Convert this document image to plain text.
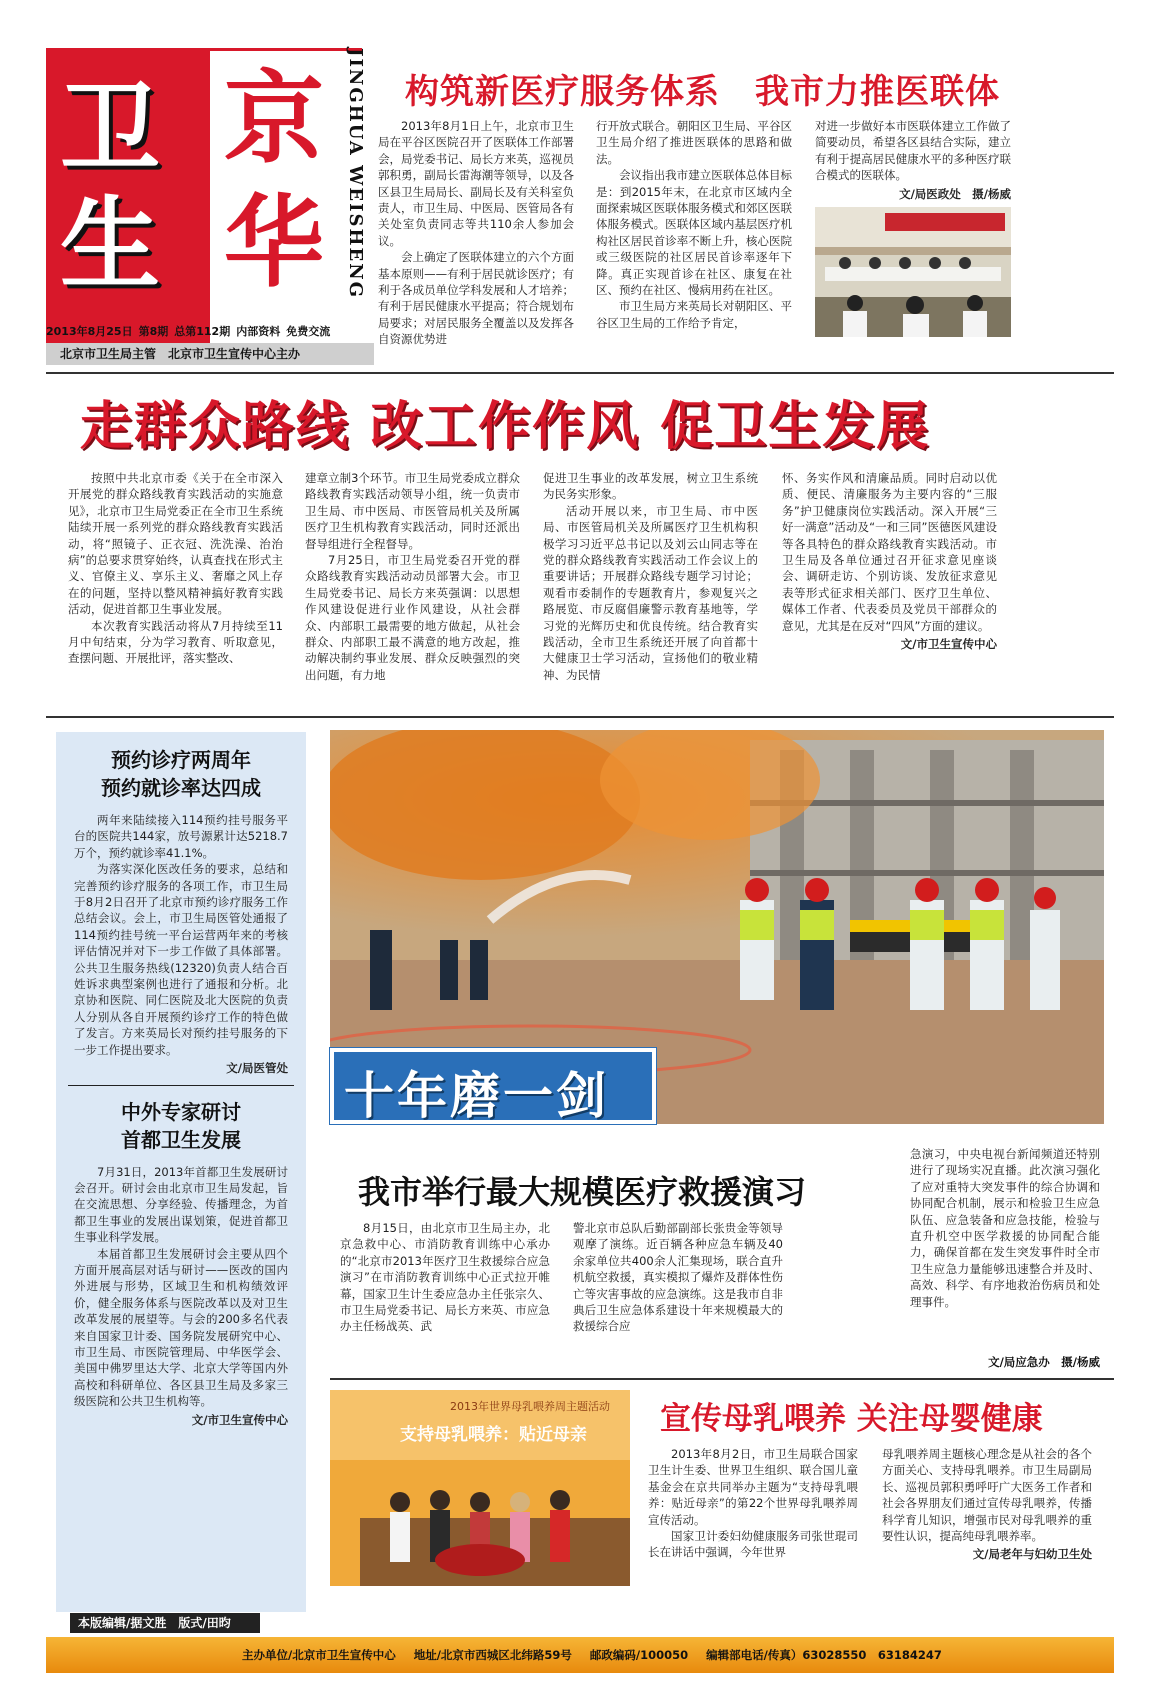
卫
生
京
华 JINGHUA WEISHENG
2013年8月25日 第8期 总第112期 内部资料 免费交流
北京市卫生局主管　北京市卫生宣传中心主办
构筑新医疗服务体系　我市力推医联体

2013年8月1日上午，北京市卫生局在平谷区医院召开了医联体工作部署会，局党委书记、局长方来英，巡视员郭积勇，副局长雷海潮等领导，以及各区县卫生局局长、副局长及有关科室负责人，市卫生局、中医局、医管局各有关处室负责同志等共110余人参加会议。

会上确定了医联体建立的六个方面基本原则——有利于居民就诊医疗；有利于各成员单位学科发展和人才培养；有利于居民健康水平提高；符合规划布局要求；对居民服务全覆盖以及发挥各自资源优势进

行开放式联合。朝阳区卫生局、平谷区卫生局介绍了推进医联体的思路和做法。

会议指出我市建立医联体总体目标是：到2015年末，在北京市区域内全面探索城区医联体服务模式和郊区医联体服务模式。医联体区域内基层医疗机构社区居民首诊率不断上升，核心医院或三级医院的社区居民首诊率逐年下降。真正实现首诊在社区、康复在社区、预约在社区、慢病用药在社区。

市卫生局方来英局长对朝阳区、平谷区卫生局的工作给予肯定，

对进一步做好本市医联体建立工作做了简要动员，希望各区县结合实际，建立有利于提高居民健康水平的多种医疗联合模式的医联体。

文/局医政处　摄/杨威
走群众路线 改工作作风 促卫生发展

按照中共北京市委《关于在全市深入开展党的群众路线教育实践活动的实施意见》，北京市卫生局党委正在全市卫生系统陆续开展一系列党的群众路线教育实践活动，将“照镜子、正衣冠、洗洗澡、治治病”的总要求贯穿始终，认真查找在形式主义、官僚主义、享乐主义、奢靡之风上存在的问题，坚持以整风精神搞好教育实践活动，促进首都卫生事业发展。

本次教育实践活动将从7月持续至11月中旬结束，分为学习教育、听取意见，查摆问题、开展批评，落实整改、

建章立制3个环节。市卫生局党委成立群众路线教育实践活动领导小组，统一负责市卫生局、市中医局、市医管局机关及所属医疗卫生机构教育实践活动，同时还派出督导组进行全程督导。

7月25日，市卫生局党委召开党的群众路线教育实践活动动员部署大会。市卫生局党委书记、局长方来英强调：以思想作风建设促进行业作风建设，从社会群众、内部职工最需要的地方做起，从社会群众、内部职工最不满意的地方改起，推动解决制约事业发展、群众反映强烈的突出问题，有力地

促进卫生事业的改革发展，树立卫生系统为民务实形象。

活动开展以来，市卫生局、市中医局、市医管局机关及所属医疗卫生机构积极学习习近平总书记以及刘云山同志等在党的群众路线教育实践活动工作会议上的重要讲话；开展群众路线专题学习讨论；观看市委制作的专题教育片，参观复兴之路展览、市反腐倡廉警示教育基地等，学习党的光辉历史和优良传统。结合教育实践活动，全市卫生系统还开展了向首都十大健康卫士学习活动，宣扬他们的敬业精神、为民情

怀、务实作风和清廉品质。同时启动以优质、便民、清廉服务为主要内容的“三服务”护卫健康岗位实践活动。深入开展“三好一满意”活动及“一和三同”医德医风建设等各具特色的群众路线教育实践活动。市卫生局及各单位通过召开征求意见座谈会、调研走访、个别访谈、发放征求意见表等形式征求相关部门、医疗卫生单位、媒体工作者、代表委员及党员干部群众的意见，尤其是在反对“四风”方面的建议。

文/市卫生宣传中心
预约诊疗两周年
预约就诊率达四成

两年来陆续接入114预约挂号服务平台的医院共144家，放号源累计达5218.7万个，预约就诊率41.1%。

为落实深化医改任务的要求，总结和完善预约诊疗服务的各项工作，市卫生局于8月2日召开了北京市预约诊疗服务工作总结会议。会上，市卫生局医管处通报了114预约挂号统一平台运营两年来的考核评估情况并对下一步工作做了具体部署。公共卫生服务热线(12320)负责人结合百姓诉求典型案例也进行了通报和分析。北京协和医院、同仁医院及北大医院的负责人分别从各自开展预约诊疗工作的特色做了发言。方来英局长对预约挂号服务的下一步工作提出要求。

文/局医管处
中外专家研讨
首都卫生发展

7月31日，2013年首都卫生发展研讨会召开。研讨会由北京市卫生局发起，旨在交流思想、分享经验、传播理念，为首都卫生事业的发展出谋划策，促进首都卫生事业科学发展。

本届首都卫生发展研讨会主要从四个方面开展高层对话与研讨——医改的国内外进展与形势，区域卫生和机构绩效评价，健全服务体系与医院改革以及对卫生改革发展的展望等。与会的200多名代表来自国家卫计委、国务院发展研究中心、市卫生局、市医院管理局、中华医学会、美国中佛罗里达大学、北京大学等国内外高校和科研单位、各区县卫生局及多家三级医院和公共卫生机构等。

文/市卫生宣传中心
十年磨一剑
我市举行最大规模医疗救援演习

急演习，中央电视台新闻频道还特别进行了现场实况直播。此次演习强化了应对重特大突发事件的综合协调和协同配合机制，展示和检验卫生应急队伍、应急装备和应急技能，检验与直升机空中医学救援的协同配合能力，确保首都在发生突发事件时全市卫生应急力量能够迅速整合并及时、高效、科学、有序地救治伤病员和处理事件。

8月15日，由北京市卫生局主办，北京急救中心、市消防教育训练中心承办的“北京市2013年医疗卫生救援综合应急演习”在市消防教育训练中心正式拉开帷幕，国家卫生计生委应急办主任张宗久、市卫生局党委书记、局长方来英、市应急办主任杨战英、武

警北京市总队后勤部副部长张贵金等领导观摩了演练。近百辆各种应急车辆及40余家单位共400余人汇集现场，联合直升机航空救援，真实模拟了爆炸及群体性伤亡等灾害事故的应急演练。这是我市自非典后卫生应急体系建设十年来规模最大的救援综合应

文/局应急办　摄/杨威
2013年世界母乳喂养周主题活动
支持母乳喂养：贴近母亲 宣传母乳喂养 关注母婴健康

2013年8月2日，市卫生局联合国家卫生计生委、世界卫生组织、联合国儿童基金会在京共同举办主题为“支持母乳喂养：贴近母亲”的第22个世界母乳喂养周宣传活动。

国家卫计委妇幼健康服务司张世琨司长在讲话中强调，今年世界

母乳喂养周主题核心理念是从社会的各个方面关心、支持母乳喂养。市卫生局副局长、巡视员郭积勇呼吁广大医务工作者和社会各界朋友们通过宣传母乳喂养，传播科学育儿知识，增强市民对母乳喂养的重要性认识，提高纯母乳喂养率。

文/局老年与妇幼卫生处
本版编辑/据文胜　版式/田昀
主办单位/北京市卫生宣传中心 地址/北京市西城区北纬路59号 邮政编码/100050 编辑部电话/传真）63028550　63184247
